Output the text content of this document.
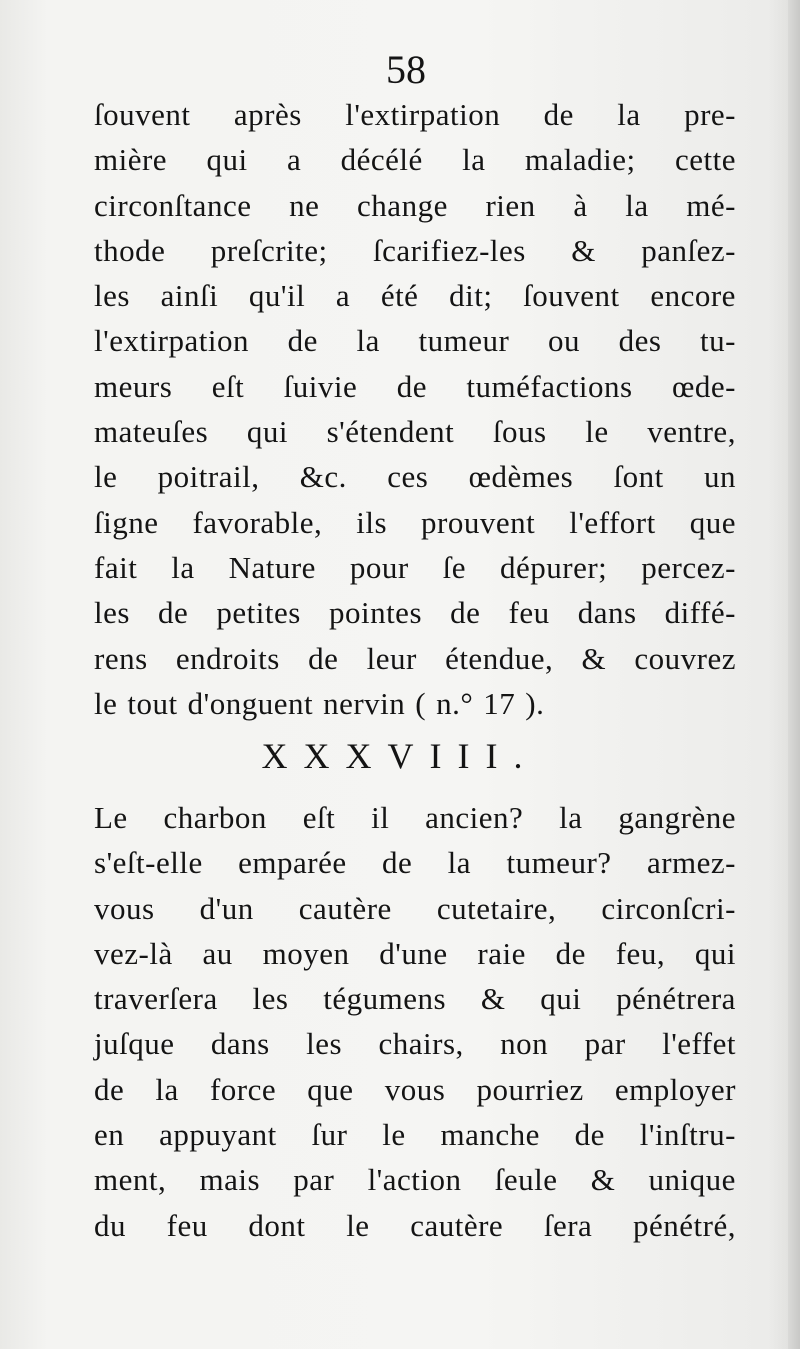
58
ſouvent après l'extirpation de la pre-
mière qui a décélé la maladie; cette
circonſtance ne change rien à la mé-
thode preſcrite; ſcarifiez-les & panſez-
les ainſi qu'il a été dit; ſouvent encore
l'extirpation de la tumeur ou des tu-
meurs eſt ſuivie de tuméfactions œde-
mateuſes qui s'étendent ſous le ventre,
le poitrail, &c. ces œdèmes ſont un
ſigne favorable, ils prouvent l'effort que
fait la Nature pour ſe dépurer; percez-
les de petites pointes de feu dans diffé-
rens endroits de leur étendue, & couvrez
le tout d'onguent nervin ( n.° 17 ).
XXXVIII.
Le charbon eſt il ancien? la gangrène
s'eſt-elle emparée de la tumeur? armez-
vous d'un cautère cutetaire, circonſcri-
vez-là au moyen d'une raie de feu, qui
traverſera les tégumens & qui pénétrera
juſque dans les chairs, non par l'effet
de la force que vous pourriez employer
en appuyant ſur le manche de l'inſtru-
ment, mais par l'action ſeule & unique
du feu dont le cautère ſera pénétré,
